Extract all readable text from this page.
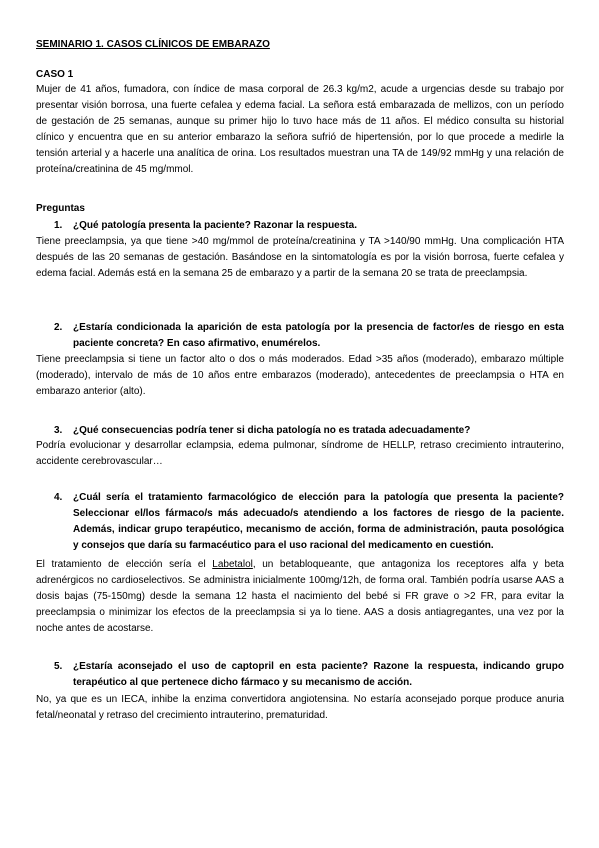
SEMINARIO 1. CASOS CLÍNICOS DE EMBARAZO

CASO 1

Mujer de 41 años, fumadora, con índice de masa corporal de 26.3 kg/m2, acude a urgencias desde su trabajo por presentar visión borrosa, una fuerte cefalea y edema facial. La señora está embarazada de mellizos, con un período de gestación de 25 semanas, aunque su primer hijo lo tuvo hace más de 11 años. El médico consulta su historial clínico y encuentra que en su anterior embarazo la señora sufrió de hipertensión, por lo que procede a medirle la tensión arterial y a hacerle una analítica de orina. Los resultados muestran una TA de 149/92 mmHg y una relación de proteína/creatinina de 45 mg/mmol.

Preguntas

1.	¿Qué patología presenta la paciente? Razonar la respuesta.

Tiene preeclampsia, ya que tiene >40 mg/mmol de proteína/creatinina y TA >140/90 mmHg. Una complicación HTA después de las 20 semanas de gestación. Basándose en la sintomatología es por la visión borrosa, fuerte cefalea y edema facial. Además está en la semana 25 de embarazo y a partir de la semana 20 se trata de preeclampsia.

2.	¿Estaría condicionada la aparición de esta patología por la presencia de factor/es de riesgo en esta paciente concreta? En caso afirmativo, enumérelos.

Tiene preeclampsia si tiene un factor alto o dos o más moderados. Edad >35 años (moderado), embarazo múltiple (moderado), intervalo de más de 10 años entre embarazos (moderado), antecedentes de preeclampsia o HTA en embarazo anterior (alto).

3.	¿Qué consecuencias podría tener si dicha patología no es tratada adecuadamente?

Podría evolucionar y desarrollar eclampsia, edema pulmonar, síndrome de HELLP, retraso crecimiento intrauterino, accidente cerebrovascular…

4.	¿Cuál sería el tratamiento farmacológico de elección para la patología que presenta la paciente? Seleccionar el/los fármaco/s más adecuado/s atendiendo a los factores de riesgo de la paciente. Además, indicar grupo terapéutico, mecanismo de acción, forma de administración, pauta posológica y consejos que daría su farmacéutico para el uso racional del medicamento en cuestión.

El tratamiento de elección sería el Labetalol, un betabloqueante, que antagoniza los receptores alfa y beta adrenérgicos no cardioselectivos. Se administra inicialmente 100mg/12h, de forma oral. También podría usarse AAS a dosis bajas (75-150mg) desde la semana 12 hasta el nacimiento del bebé si FR grave o >2 FR, para evitar la preeclampsia o minimizar los efectos de la preeclampsia si ya lo tiene. AAS a dosis antiagregantes, una vez por la noche antes de acostarse.

5.	¿Estaría aconsejado el uso de captopril en esta paciente? Razone la respuesta, indicando grupo terapéutico al que pertenece dicho fármaco y su mecanismo de acción.

No, ya que es un IECA, inhibe la enzima convertidora angiotensina. No estaría aconsejado porque produce anuria fetal/neonatal y retraso del crecimiento intrauterino, prematuridad.
